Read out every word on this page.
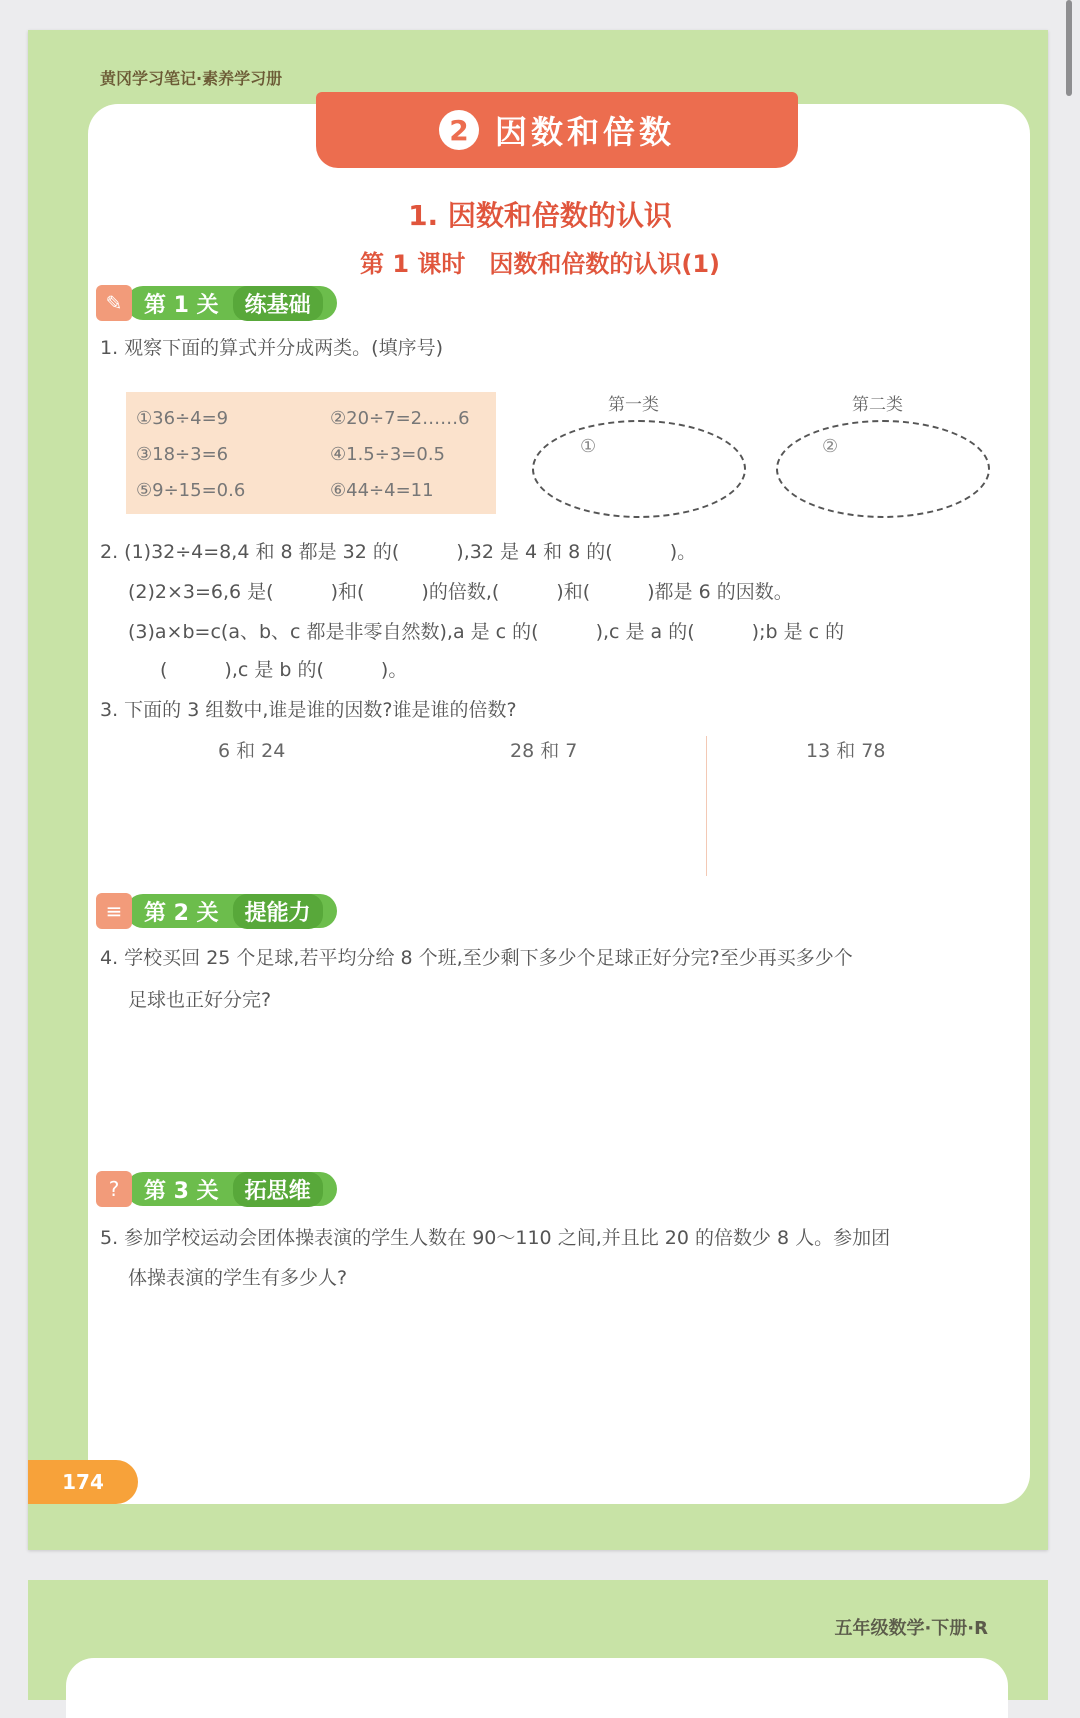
黄冈学习笔记·素养学习册
2 因数和倍数
1. 因数和倍数的认识
第 1 课时　因数和倍数的认识(1)
✎ 第 1 关	练基础
1. 观察下面的算式并分成两类。(填序号)
①36÷4=9	②20÷7=2……6
③18÷3=6	④1.5÷3=0.5
⑤9÷15=0.6	⑥44÷4=11
第一类	第二类
①	②
2. (1)32÷4=8,4 和 8 都是 32 的(　　　),32 是 4 和 8 的(　　　)。
(2)2×3=6,6 是(　　　)和(　　　)的倍数,(　　　)和(　　　)都是 6 的因数。
(3)a×b=c(a、b、c 都是非零自然数),a 是 c 的(　　　),c 是 a 的(　　　);b 是 c 的
(　　　),c 是 b 的(　　　)。
3. 下面的 3 组数中,谁是谁的因数?谁是谁的倍数?
6 和 24	28 和 7	13 和 78
≡ 第 2 关	提能力
4. 学校买回 25 个足球,若平均分给 8 个班,至少剩下多少个足球正好分完?至少再买多少个
足球也正好分完?
?	第 3 关	拓思维
5. 参加学校运动会团体操表演的学生人数在 90～110 之间,并且比 20 的倍数少 8 人。参加团
体操表演的学生有多少人?
174
五年级数学·下册·R
